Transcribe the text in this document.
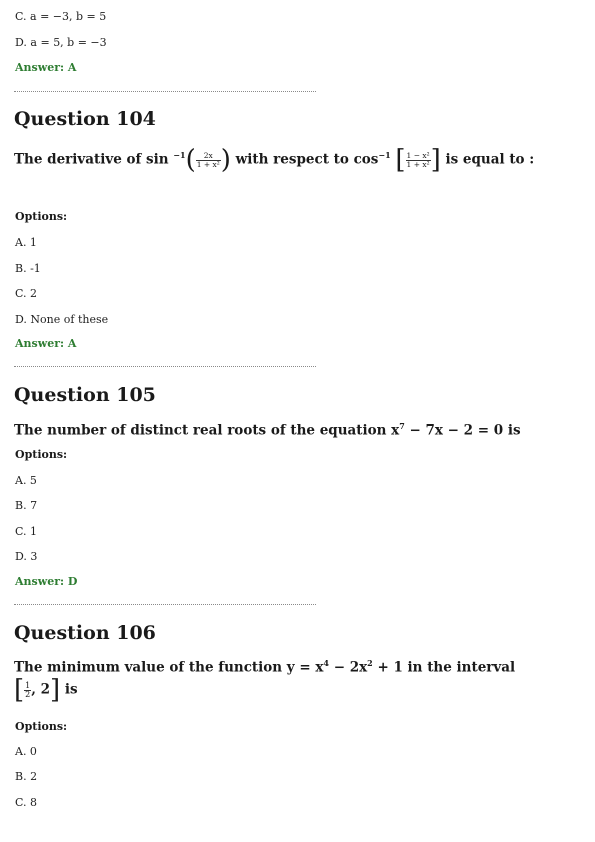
C. a = −3, b = 5
D. a = 5, b = −3
Answer: A
Question 104
The derivative of $\sin ^{-1}( \frac{2x}{\text{1 + x²}}$ ) with respect to $\cos^{-1}$ [ $\frac{\text{1 − x²}}{\text{1 + x²}}$ ] is equal to :
Options:
A. 1
B. -1
C. 2
D. None of these
Answer: A
Question 105
The number of distinct real roots of the equation $x^7 - 7x - 2 = 0$ is
Options:
A. 5
B. 7
C. 1
D. 3
Answer: D
Question 106
The minimum value of the function $y = x^4 - 2x^2 + 1$ in the interval
[ $\frac{1}{2}$ , 2] is
Options:
A. 0
B. 2
C. 8
